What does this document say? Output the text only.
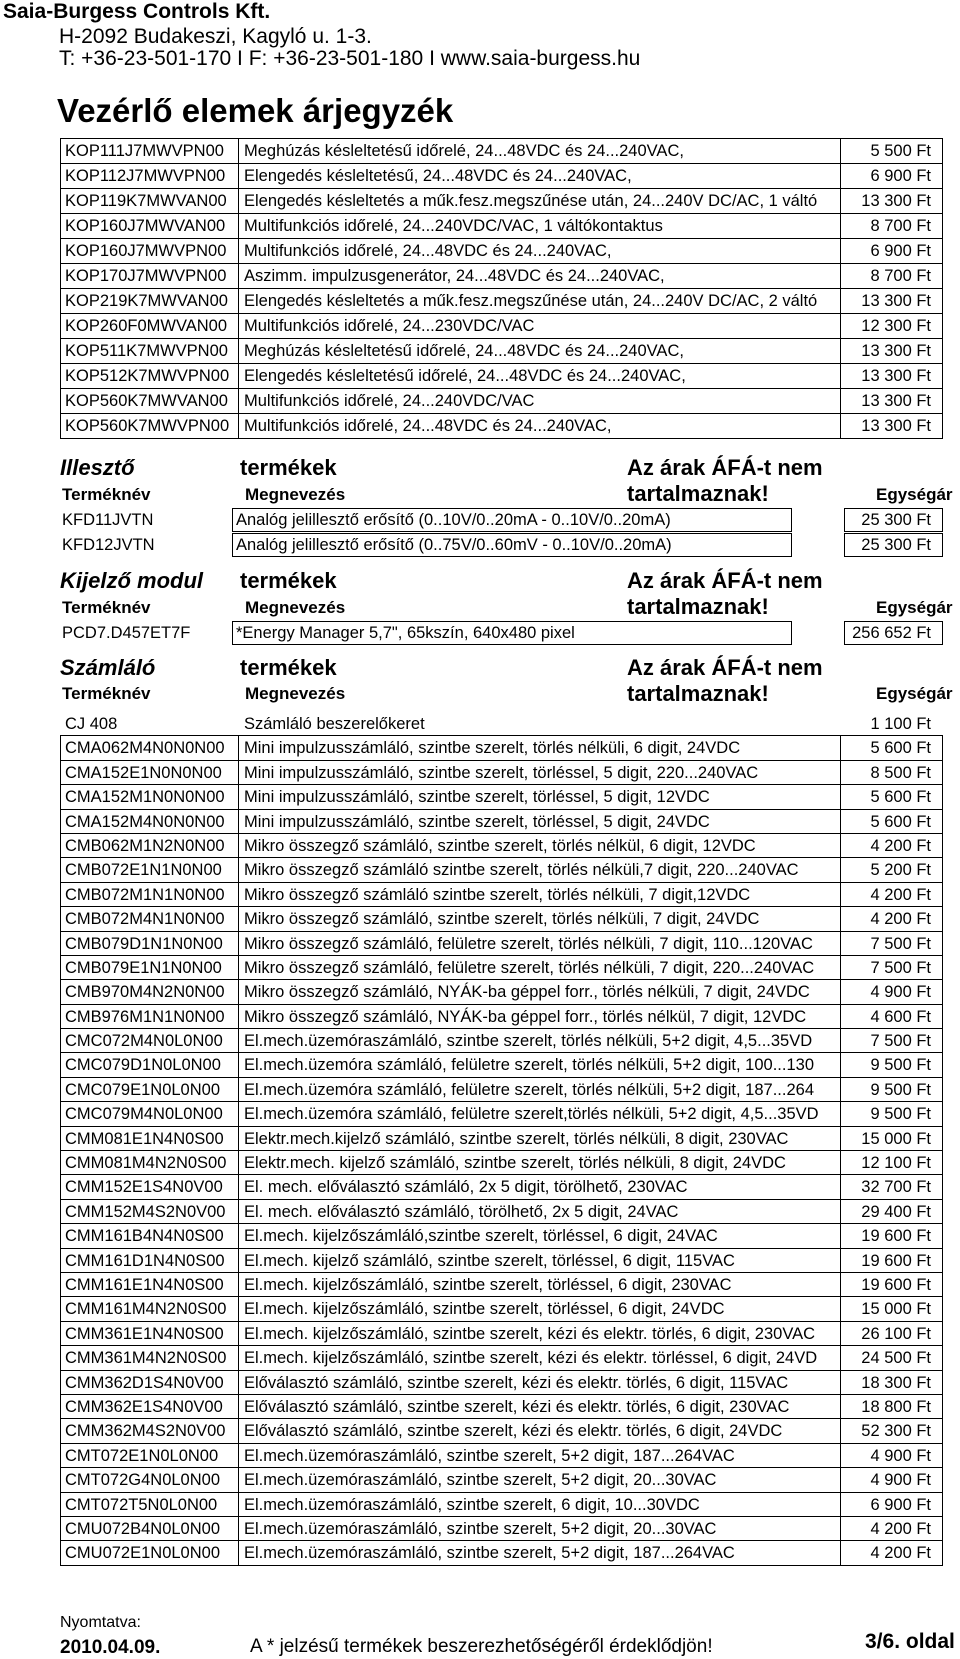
Saia-Burgess Controls Kft.
H-2092 Budakeszi, Kagyló u. 1-3.
T: +36-23-501-170 I F: +36-23-501-180 I www.saia-burgess.hu
Vezérlő elemek árjegyzék
KOP111J7MWVPN00 Meghúzás késleltetésű időrelé, 24...48VDC és 24...240VAC,	5 500 Ft
KOP112J7MWVPN00 Elengedés késleltetésű, 24...48VDC és 24...240VAC,	6 900 Ft
KOP119K7MWVAN00 Elengedés késleltetés a műk.fesz.megszűnése után, 24...240V DC/AC, 1 váltó	13 300 Ft
KOP160J7MWVAN00 Multifunkciós időrelé, 24...240VDC/VAC, 1 váltókontaktus	8 700 Ft
KOP160J7MWVPN00 Multifunkciós időrelé, 24...48VDC és 24...240VAC,	6 900 Ft
KOP170J7MWVPN00 Aszimm. impulzusgenerátor, 24...48VDC és 24...240VAC,	8 700 Ft
KOP219K7MWVAN00 Elengedés késleltetés a műk.fesz.megszűnése után, 24...240V DC/AC, 2 váltó	13 300 Ft
KOP260F0MWVAN00 Multifunkciós időrelé, 24...230VDC/VAC	12 300 Ft
KOP511K7MWVPN00 Meghúzás késleltetésű időrelé, 24...48VDC és 24...240VAC,	13 300 Ft
KOP512K7MWVPN00 Elengedés késleltetésű időrelé, 24...48VDC és 24...240VAC,	13 300 Ft
KOP560K7MWVAN00 Multifunkciós időrelé, 24...240VDC/VAC	13 300 Ft
KOP560K7MWVPN00 Multifunkciós időrelé, 24...48VDC és 24...240VAC,	13 300 Ft
Illesztő	termékek	Az árak ÁFÁ-t nem tartalmaznak!
Terméknév	Megnevezés	Egységár
KFD11JVTN	Analóg jelillesztő erősítő (0..10V/0..20mA - 0..10V/0..20mA)	25 300 Ft
KFD12JVTN	Analóg jelillesztő erősítő (0..75V/0..60mV - 0..10V/0..20mA)	25 300 Ft
Kijelző modul termékek	Az árak ÁFÁ-t nem tartalmaznak!
Terméknév	Megnevezés	Egységár
PCD7.D457ET7F	*Energy Manager 5,7", 65kszín, 640x480 pixel	256 652 Ft
Számláló	termékek	Az árak ÁFÁ-t nem tartalmaznak!
Terméknév	Megnevezés	Egységár
CJ 408	Számláló beszerelőkeret	1 100 Ft
CMA062M4N0N0N00 Mini impulzusszámláló, szintbe szerelt, törlés nélküli, 6 digit, 24VDC	5 600 Ft
CMA152E1N0N0N00 Mini impulzusszámláló, szintbe szerelt, törléssel, 5 digit, 220...240VAC	8 500 Ft
CMA152M1N0N0N00 Mini impulzusszámláló, szintbe szerelt, törléssel, 5 digit, 12VDC	5 600 Ft
CMA152M4N0N0N00 Mini impulzusszámláló, szintbe szerelt, törléssel, 5 digit, 24VDC	5 600 Ft
CMB062M1N2N0N00 Mikro összegző számláló, szintbe szerelt, törlés nélkül, 6 digit, 12VDC	4 200 Ft
CMB072E1N1N0N00 Mikro összegző számláló szintbe szerelt, törlés nélküli,7 digit, 220...240VAC	5 200 Ft
CMB072M1N1N0N00 Mikro összegző számláló szintbe szerelt, törlés nélküli, 7 digit,12VDC	4 200 Ft
CMB072M4N1N0N00 Mikro összegző számláló, szintbe szerelt, törlés nélküli, 7 digit, 24VDC	4 200 Ft
CMB079D1N1N0N00 Mikro összegző számláló, felületre szerelt, törlés nélküli, 7 digit, 110...120VAC	7 500 Ft
CMB079E1N1N0N00 Mikro összegző számláló, felületre szerelt, törlés nélküli, 7 digit, 220...240VAC	7 500 Ft
CMB970M4N2N0N00 Mikro összegző számláló, NYÁK-ba géppel forr., törlés nélküli, 7 digit, 24VDC	4 900 Ft
CMB976M1N1N0N00 Mikro összegző számláló, NYÁK-ba géppel forr., törlés nélkül, 7 digit, 12VDC	4 600 Ft
CMC072M4N0L0N00 El.mech.üzemóraszámláló, szintbe szerelt, törlés nélküli, 5+2 digit, 4,5...35VD	7 500 Ft
CMC079D1N0L0N00 El.mech.üzemóra számláló, felületre szerelt, törlés nélküli, 5+2 digit, 100...130	9 500 Ft
CMC079E1N0L0N00 El.mech.üzemóra számláló, felületre szerelt, törlés nélküli, 5+2 digit, 187...264	9 500 Ft
CMC079M4N0L0N00 El.mech.üzemóra számláló, felületre szerelt,törlés nélküli, 5+2 digit, 4,5...35VD	9 500 Ft
CMM081E1N4N0S00 Elektr.mech.kijelző számláló, szintbe szerelt, törlés nélküli, 8 digit, 230VAC	15 000 Ft
CMM081M4N2N0S00 Elektr.mech. kijelző számláló, szintbe szerelt, törlés nélküli, 8 digit, 24VDC	12 100 Ft
CMM152E1S4N0V00 El. mech. előválasztó számláló, 2x 5 digit, törölhető, 230VAC	32 700 Ft
CMM152M4S2N0V00 El. mech. előválasztó számláló, törölhető, 2x 5 digit, 24VAC	29 400 Ft
CMM161B4N4N0S00 El.mech. kijelzőszámláló,szintbe szerelt, törléssel, 6 digit, 24VAC	19 600 Ft
CMM161D1N4N0S00 El.mech. kijelző számláló, szintbe szerelt, törléssel, 6 digit, 115VAC	19 600 Ft
CMM161E1N4N0S00 El.mech. kijelzőszámláló, szintbe szerelt, törléssel, 6 digit, 230VAC	19 600 Ft
CMM161M4N2N0S00 El.mech. kijelzőszámláló, szintbe szerelt, törléssel, 6 digit, 24VDC	15 000 Ft
CMM361E1N4N0S00 El.mech. kijelzőszámláló, szintbe szerelt, kézi és elektr. törlés, 6 digit, 230VAC	26 100 Ft
CMM361M4N2N0S00 El.mech. kijelzőszámláló, szintbe szerelt, kézi és elektr. törléssel, 6 digit, 24VD	24 500 Ft
CMM362D1S4N0V00 Előválasztó számláló, szintbe szerelt, kézi és elektr. törlés, 6 digit, 115VAC	18 300 Ft
CMM362E1S4N0V00 Előválasztó számláló, szintbe szerelt, kézi és elektr. törlés, 6 digit, 230VAC	18 800 Ft
CMM362M4S2N0V00 Előválasztó számláló, szintbe szerelt, kézi és elektr. törlés, 6 digit, 24VDC	52 300 Ft
CMT072E1N0L0N00 El.mech.üzemóraszámláló, szintbe szerelt, 5+2 digit, 187...264VAC	4 900 Ft
CMT072G4N0L0N00 El.mech.üzemóraszámláló, szintbe szerelt, 5+2 digit, 20...30VAC	4 900 Ft
CMT072T5N0L0N00 El.mech.üzemóraszámláló, szintbe szerelt, 6 digit, 10...30VDC	6 900 Ft
CMU072B4N0L0N00 El.mech.üzemóraszámláló, szintbe szerelt, 5+2 digit, 20...30VAC	4 200 Ft
CMU072E1N0L0N00 El.mech.üzemóraszámláló, szintbe szerelt, 5+2 digit, 187...264VAC	4 200 Ft
Nyomtatva:
2010.04.09.	A * jelzésű termékek beszerezhetőségéről érdeklődjön!	3/6. oldal
